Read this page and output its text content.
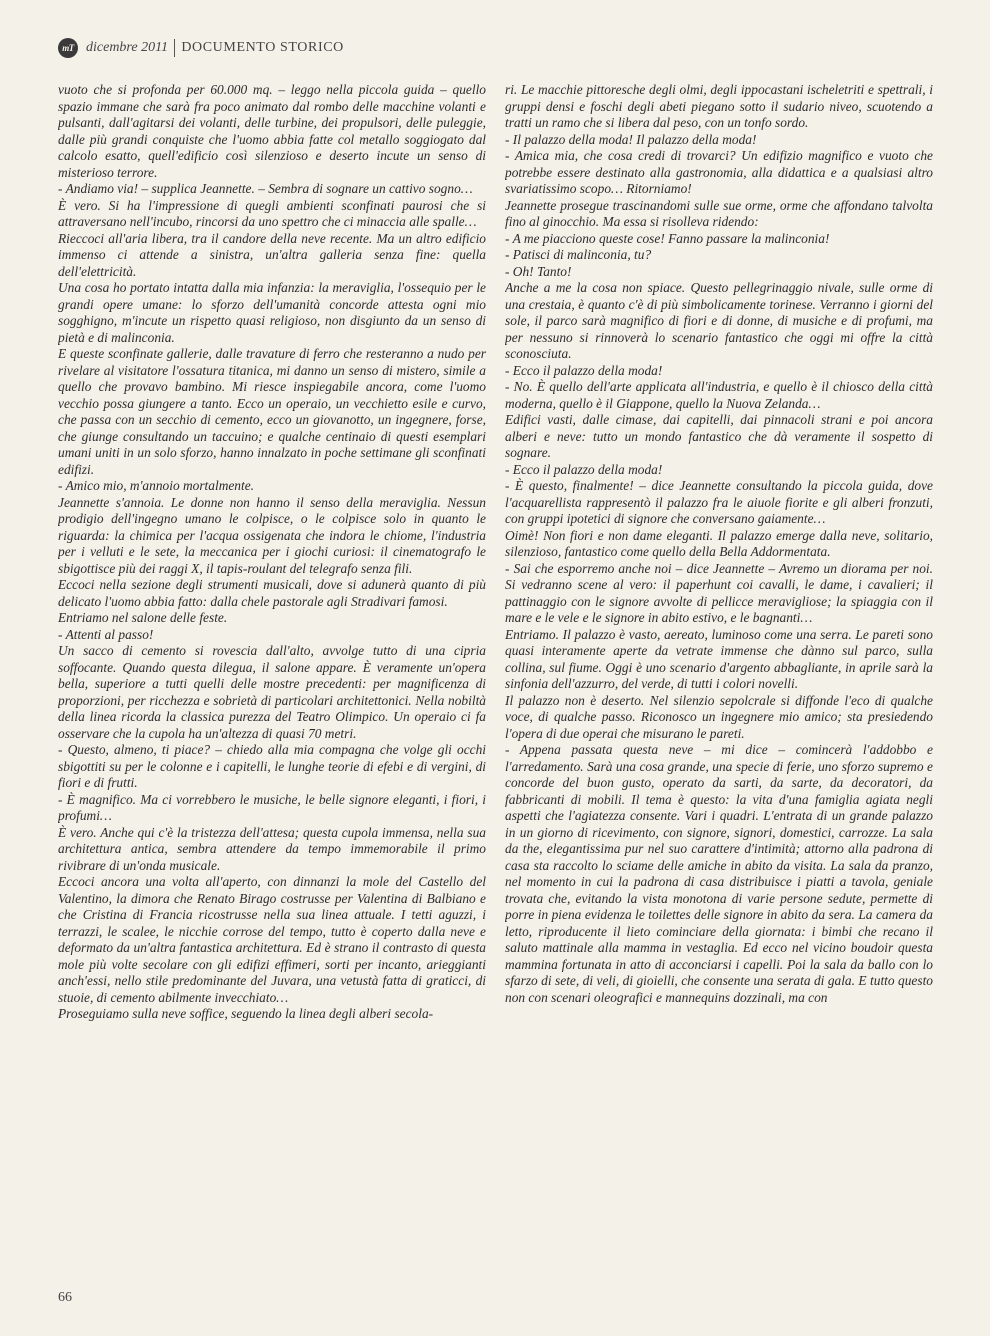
mT dicembre 2011 DOCUMENTO STORICO

vuoto che si profonda per 60.000 mq. – leggo nella piccola guida – quello spazio immane che sarà fra poco animato dal rombo delle macchine volanti e pulsanti, dall'agitarsi dei volanti, delle turbine, dei propulsori, delle puleggie, dalle più grandi conquiste che l'uomo abbia fatte col metallo soggiogato dal calcolo esatto, quell'edificio così silenzioso e deserto incute un senso di misterioso terrore.

- Andiamo via! – supplica Jeannette. – Sembra di sognare un cattivo sogno…

È vero. Si ha l'impressione di quegli ambienti sconfinati paurosi che si attraversano nell'incubo, rincorsi da uno spettro che ci minaccia alle spalle…

Rieccoci all'aria libera, tra il candore della neve recente. Ma un altro edificio immenso ci attende a sinistra, un'altra galleria senza fine: quella dell'elettricità.

Una cosa ho portato intatta dalla mia infanzia: la meraviglia, l'ossequio per le grandi opere umane: lo sforzo dell'umanità concorde attesta ogni mio sogghigno, m'incute un rispetto quasi religioso, non disgiunto da un senso di pietà e di malinconia.

E queste sconfinate gallerie, dalle travature di ferro che resteranno a nudo per rivelare al visitatore l'ossatura titanica, mi danno un senso di mistero, simile a quello che provavo bambino. Mi riesce inspiegabile ancora, come l'uomo vecchio possa giungere a tanto. Ecco un operaio, un vecchietto esile e curvo, che passa con un secchio di cemento, ecco un giovanotto, un ingegnere, forse, che giunge consultando un taccuino; e qualche centinaio di questi esemplari umani uniti in un solo sforzo, hanno innalzato in poche settimane gli sconfinati edifizi.

- Amico mio, m'annoio mortalmente.

Jeannette s'annoia. Le donne non hanno il senso della meraviglia. Nessun prodigio dell'ingegno umano le colpisce, o le colpisce solo in quanto le riguarda: la chimica per l'acqua ossigenata che indora le chiome, l'industria per i velluti e le sete, la meccanica per i giochi curiosi: il cinematografo le sbigottisce più dei raggi X, il tapis-roulant del telegrafo senza fili.

Eccoci nella sezione degli strumenti musicali, dove si adunerà quanto di più delicato l'uomo abbia fatto: dalla chele pastorale agli Stradivari famosi.

Entriamo nel salone delle feste.

- Attenti al passo!

Un sacco di cemento si rovescia dall'alto, avvolge tutto di una cipria soffocante. Quando questa dilegua, il salone appare. È veramente un'opera bella, superiore a tutti quelli delle mostre precedenti: per magnificenza di proporzioni, per ricchezza e sobrietà di particolari architettonici. Nella nobiltà della linea ricorda la classica purezza del Teatro Olimpico. Un operaio ci fa osservare che la cupola ha un'altezza di quasi 70 metri.

- Questo, almeno, ti piace? – chiedo alla mia compagna che volge gli occhi sbigottiti su per le colonne e i capitelli, le lunghe teorie di efebi e di vergini, di fiori e di frutti.

- È magnifico. Ma ci vorrebbero le musiche, le belle signore eleganti, i fiori, i profumi…

È vero. Anche qui c'è la tristezza dell'attesa; questa cupola immensa, nella sua architettura antica, sembra attendere da tempo immemorabile il primo rivibrare di un'onda musicale.

Eccoci ancora una volta all'aperto, con dinnanzi la mole del Castello del Valentino, la dimora che Renato Birago costrusse per Valentina di Balbiano e che Cristina di Francia ricostrusse nella sua linea attuale. I tetti aguzzi, i terrazzi, le scalee, le nicchie corrose del tempo, tutto è coperto dalla neve e deformato da un'altra fantastica architettura. Ed è strano il contrasto di questa mole più volte secolare con gli edifizi effimeri, sorti per incanto, arieggianti anch'essi, nello stile predominante del Juvara, una vetustà fatta di graticci, di stuoie, di cemento abilmente invecchiato…

Proseguiamo sulla neve soffice, seguendo la linea degli alberi secola-

ri. Le macchie pittoresche degli olmi, degli ippocastani ischeletriti e spettrali, i gruppi densi e foschi degli abeti piegano sotto il sudario niveo, scuotendo a tratti un ramo che si libera dal peso, con un tonfo sordo.

- Il palazzo della moda! Il palazzo della moda!

- Amica mia, che cosa credi di trovarci? Un edifizio magnifico e vuoto che potrebbe essere destinato alla gastronomia, alla didattica e a qualsiasi altro svariatissimo scopo… Ritorniamo!

Jeannette prosegue trascinandomi sulle sue orme, orme che affondano talvolta fino al ginocchio. Ma essa si risolleva ridendo:

- A me piacciono queste cose! Fanno passare la malinconia!

- Patisci di malinconia, tu?

- Oh! Tanto!

Anche a me la cosa non spiace. Questo pellegrinaggio nivale, sulle orme di una crestaia, è quanto c'è di più simbolicamente torinese. Verranno i giorni del sole, il parco sarà magnifico di fiori e di donne, di musiche e di profumi, ma per nessuno si rinnoverà lo scenario fantastico che oggi mi offre la città sconosciuta.

- Ecco il palazzo della moda!

- No. È quello dell'arte applicata all'industria, e quello è il chiosco della città moderna, quello è il Giappone, quello la Nuova Zelanda…

Edifici vasti, dalle cimase, dai capitelli, dai pinnacoli strani e poi ancora alberi e neve: tutto un mondo fantastico che dà veramente il sospetto di sognare.

- Ecco il palazzo della moda!

- È questo, finalmente! – dice Jeannette consultando la piccola guida, dove l'acquarellista rappresentò il palazzo fra le aiuole fiorite e gli alberi fronzuti, con gruppi ipotetici di signore che conversano gaiamente…

Oimè! Non fiori e non dame eleganti. Il palazzo emerge dalla neve, solitario, silenzioso, fantastico come quello della Bella Addormentata.

- Sai che esporremo anche noi – dice Jeannette – Avremo un diorama per noi. Si vedranno scene al vero: il paperhunt coi cavalli, le dame, i cavalieri; il pattinaggio con le signore avvolte di pellicce meravigliose; la spiaggia con il mare e le vele e le signore in abito estivo, e le bagnanti…

Entriamo. Il palazzo è vasto, aereato, luminoso come una serra. Le pareti sono quasi interamente aperte da vetrate immense che dànno sul parco, sulla collina, sul fiume. Oggi è uno scenario d'argento abbagliante, in aprile sarà la sinfonia dell'azzurro, del verde, di tutti i colori novelli.

Il palazzo non è deserto. Nel silenzio sepolcrale si diffonde l'eco di qualche voce, di qualche passo. Riconosco un ingegnere mio amico; sta presiedendo l'opera di due operai che misurano le pareti.

- Appena passata questa neve – mi dice – comincerà l'addobbo e l'arredamento. Sarà una cosa grande, una specie di ferie, uno sforzo supremo e concorde del buon gusto, operato da sarti, da sarte, da decoratori, da fabbricanti di mobili. Il tema è questo: la vita d'una famiglia agiata negli aspetti che l'agiatezza consente. Vari i quadri. L'entrata di un grande palazzo in un giorno di ricevimento, con signore, signori, domestici, carrozze. La sala da the, elegantissima pur nel suo carattere d'intimità; attorno alla padrona di casa sta raccolto lo sciame delle amiche in abito da visita. La sala da pranzo, nel momento in cui la padrona di casa distribuisce i piatti a tavola, geniale trovata che, evitando la vista monotona di varie persone sedute, permette di porre in piena evidenza le toilettes delle signore in abito da sera. La camera da letto, riproducente il lieto cominciare della giornata: i bimbi che recano il saluto mattinale alla mamma in vestaglia. Ed ecco nel vicino boudoir questa mammina fortunata in atto di acconciarsi i capelli. Poi la sala da ballo con lo sfarzo di sete, di veli, di gioielli, che consente una serata di gala. E tutto questo non con scenari oleografici e mannequins dozzinali, ma con

66
